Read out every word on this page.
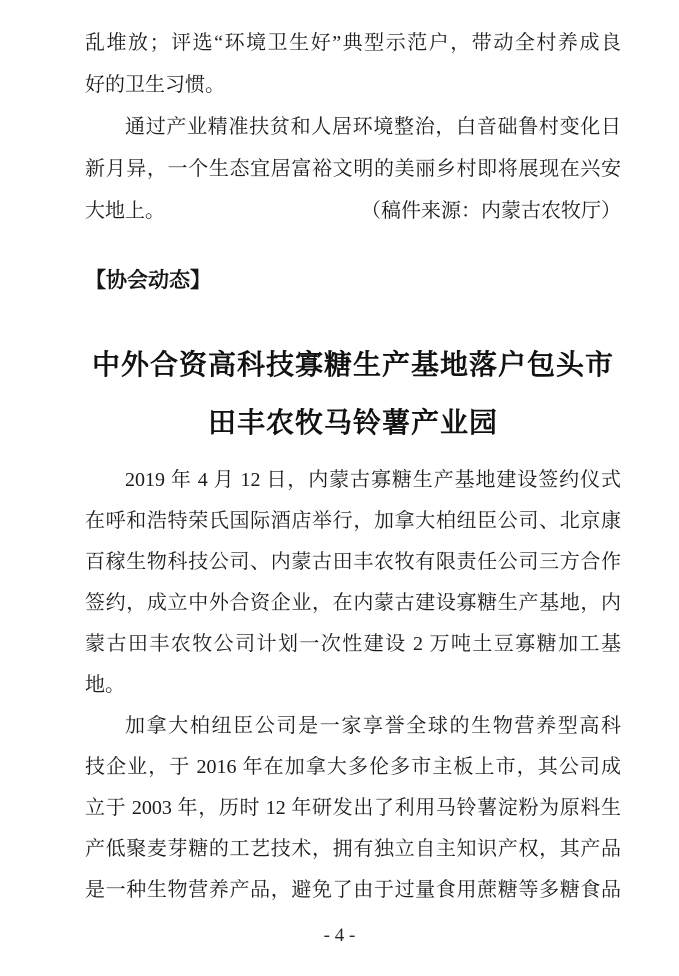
乱堆放；评选“环境卫生好”典型示范户，带动全村养成良
好的卫生习惯。
通过产业精准扶贫和人居环境整治，白音础鲁村变化日
新月异，一个生态宜居富裕文明的美丽乡村即将展现在兴安
大地上。	（稿件来源：内蒙古农牧厅）
【协会动态】
中外合资高科技寡糖生产基地落户包头市
田丰农牧马铃薯产业园
2019 年 4 月 12 日，内蒙古寡糖生产基地建设签约仪式
在呼和浩特荣氏国际酒店举行，加拿大柏纽臣公司、北京康
百稼生物科技公司、内蒙古田丰农牧有限责任公司三方合作
签约，成立中外合资企业，在内蒙古建设寡糖生产基地，内
蒙古田丰农牧公司计划一次性建设 2 万吨土豆寡糖加工基
地。
加拿大柏纽臣公司是一家享誉全球的生物营养型高科
技企业，于 2016 年在加拿大多伦多市主板上市，其公司成
立于 2003 年，历时 12 年研发出了利用马铃薯淀粉为原料生
产低聚麦芽糖的工艺技术，拥有独立自主知识产权，其产品
是一种生物营养产品，避免了由于过量食用蔗糖等多糖食品
- 4 -
